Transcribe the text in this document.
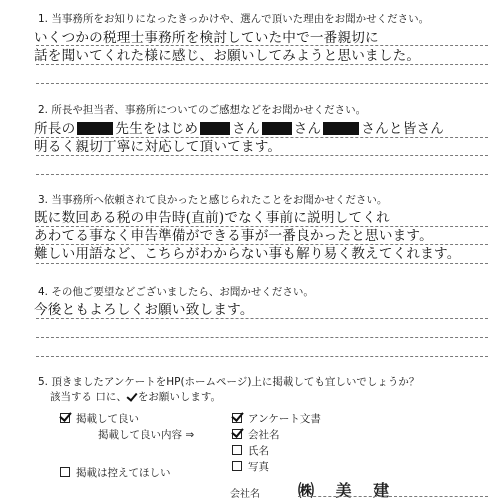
1. 当事務所をお知りになったきっかけや、選んで頂いた理由をお聞かせください。
いくつかの税理士事務所を検討していた中で一番親切に
話を聞いてくれた様に感じ、お願いしてみようと思いました。
2. 所長や担当者、事務所についてのご感想などをお聞かせください。
所長の	先生をはじめ	さん	さん	さんと皆さん
明るく親切丁寧に対応して頂いてます。
3. 当事務所へ依頼されて良かったと感じられたことをお聞かせください。
既に数回ある税の申告時(直前)でなく事前に説明してくれ
あわてる事なく申告準備ができる事が一番良かったと思います。
難しい用語など、こちらがわからない事も解り易く教えてくれます。
4. その他ご要望などございましたら、お聞かせください。
今後ともよろしくお願い致します。
5. 頂きましたアンケートをHP(ホームページ)上に掲載しても宜しいでしょうか？
該当する 口に、 をお願いします。
掲載して良い
掲載して良い内容 ⇒
アンケート文書
会社名
氏名
写真
掲載は控えてほしい
会社名 ㈱ 美 建
